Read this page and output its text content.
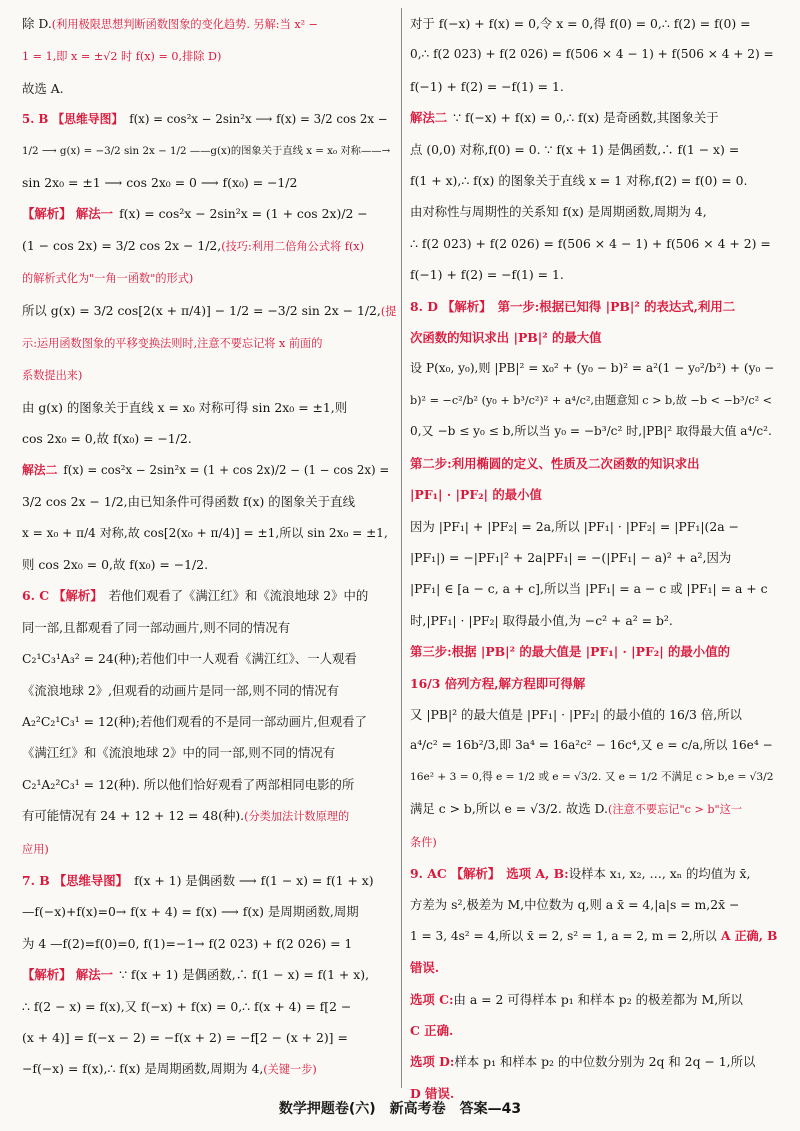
除 D.(利用极限思想判断函数图象的变化趋势. 另解:当 x² −
1 = 1,即 x = ±√2 时 f(x) = 0,排除 D)
故选 A.
5. B 【思维导图】 f(x) = cos²x − 2sin²x ⟶ f(x) = 3/2 cos 2x −
1/2 ⟶ g(x) = −3/2 sin 2x − 1/2 ——g(x)的图象关于直线 x = x₀ 对称——→
sin 2x₀ = ±1 ⟶ cos 2x₀ = 0 ⟶ f(x₀) = −1/2
【解析】 解法一 f(x) = cos²x − 2sin²x = (1 + cos 2x)/2 −
(1 − cos 2x) = 3/2 cos 2x − 1/2,(技巧:利用二倍角公式将 f(x)
的解析式化为"一角一函数"的形式)
所以 g(x) = 3/2 cos[2(x + π/4)] − 1/2 = −3/2 sin 2x − 1/2,(提
示:运用函数图象的平移变换法则时,注意不要忘记将 x 前面的
系数提出来)
由 g(x) 的图象关于直线 x = x₀ 对称可得 sin 2x₀ = ±1,则
cos 2x₀ = 0,故 f(x₀) = −1/2.
解法二 f(x) = cos²x − 2sin²x = (1 + cos 2x)/2 − (1 − cos 2x) =
3/2 cos 2x − 1/2,由已知条件可得函数 f(x) 的图象关于直线
x = x₀ + π/4 对称,故 cos[2(x₀ + π/4)] = ±1,所以 sin 2x₀ = ±1,
则 cos 2x₀ = 0,故 f(x₀) = −1/2.
6. C 【解析】 若他们观看了《满江红》和《流浪地球 2》中的
同一部,且都观看了同一部动画片,则不同的情况有
C₂¹C₃¹A₃² = 24(种);若他们中一人观看《满江红》、一人观看
《流浪地球 2》,但观看的动画片是同一部,则不同的情况有
A₂²C₂¹C₃¹ = 12(种);若他们观看的不是同一部动画片,但观看了
《满江红》和《流浪地球 2》中的同一部,则不同的情况有
C₂¹A₂²C₃¹ = 12(种). 所以他们恰好观看了两部相同电影的所
有可能情况有 24 + 12 + 12 = 48(种).(分类加法计数原理的
应用)
7. B 【思维导图】 f(x + 1) 是偶函数 ⟶ f(1 − x) = f(1 + x)
—f(−x)+f(x)=0→ f(x + 4) = f(x) ⟶ f(x) 是周期函数,周期
为 4 —f(2)=f(0)=0, f(1)=−1→ f(2 023) + f(2 026) = 1
【解析】 解法一 ∵ f(x + 1) 是偶函数,∴ f(1 − x) = f(1 + x),
∴ f(2 − x) = f(x),又 f(−x) + f(x) = 0,∴ f(x + 4) = f[2 −
(x + 4)] = f(−x − 2) = −f(x + 2) = −f[2 − (x + 2)] =
−f(−x) = f(x),∴ f(x) 是周期函数,周期为 4,(关键一步)
对于 f(−x) + f(x) = 0,令 x = 0,得 f(0) = 0,∴ f(2) = f(0) =
0,∴ f(2 023) + f(2 026) = f(506 × 4 − 1) + f(506 × 4 + 2) =
f(−1) + f(2) = −f(1) = 1.
解法二 ∵ f(−x) + f(x) = 0,∴ f(x) 是奇函数,其图象关于
点 (0,0) 对称,f(0) = 0. ∵ f(x + 1) 是偶函数,∴ f(1 − x) =
f(1 + x),∴ f(x) 的图象关于直线 x = 1 对称,f(2) = f(0) = 0.
由对称性与周期性的关系知 f(x) 是周期函数,周期为 4,
∴ f(2 023) + f(2 026) = f(506 × 4 − 1) + f(506 × 4 + 2) =
f(−1) + f(2) = −f(1) = 1.
8. D 【解析】 第一步:根据已知得 |PB|² 的表达式,利用二
次函数的知识求出 |PB|² 的最大值
设 P(x₀, y₀),则 |PB|² = x₀² + (y₀ − b)² = a²(1 − y₀²/b²) + (y₀ −
b)² = −c²/b² (y₀ + b³/c²)² + a⁴/c²,由题意知 c > b,故 −b < −b³/c² <
0,又 −b ≤ y₀ ≤ b,所以当 y₀ = −b³/c² 时,|PB|² 取得最大值 a⁴/c².
第二步:利用椭圆的定义、性质及二次函数的知识求出
|PF₁| · |PF₂| 的最小值
因为 |PF₁| + |PF₂| = 2a,所以 |PF₁| · |PF₂| = |PF₁|(2a −
|PF₁|) = −|PF₁|² + 2a|PF₁| = −(|PF₁| − a)² + a²,因为
|PF₁| ∈ [a − c, a + c],所以当 |PF₁| = a − c 或 |PF₁| = a + c
时,|PF₁| · |PF₂| 取得最小值,为 −c² + a² = b².
第三步:根据 |PB|² 的最大值是 |PF₁| · |PF₂| 的最小值的
16/3 倍列方程,解方程即可得解
又 |PB|² 的最大值是 |PF₁| · |PF₂| 的最小值的 16/3 倍,所以
a⁴/c² = 16b²/3,即 3a⁴ = 16a²c² − 16c⁴,又 e = c/a,所以 16e⁴ −
16e² + 3 = 0,得 e = 1/2 或 e = √3/2. 又 e = 1/2 不满足 c > b,e = √3/2
满足 c > b,所以 e = √3/2. 故选 D.(注意不要忘记"c > b"这一
条件)
9. AC 【解析】 选项 A, B:设样本 x₁, x₂, …, xₙ 的均值为 x̄,
方差为 s²,极差为 M,中位数为 q,则 a x̄ = 4,|a|s = m,2x̄ −
1 = 3, 4s² = 4,所以 x̄ = 2, s² = 1, a = 2, m = 2,所以 A 正确, B
错误.
选项 C:由 a = 2 可得样本 p₁ 和样本 p₂ 的极差都为 M,所以
C 正确.
选项 D:样本 p₁ 和样本 p₂ 的中位数分别为 2q 和 2q − 1,所以
D 错误.
数学押题卷(六)　新高考卷　答案—43
